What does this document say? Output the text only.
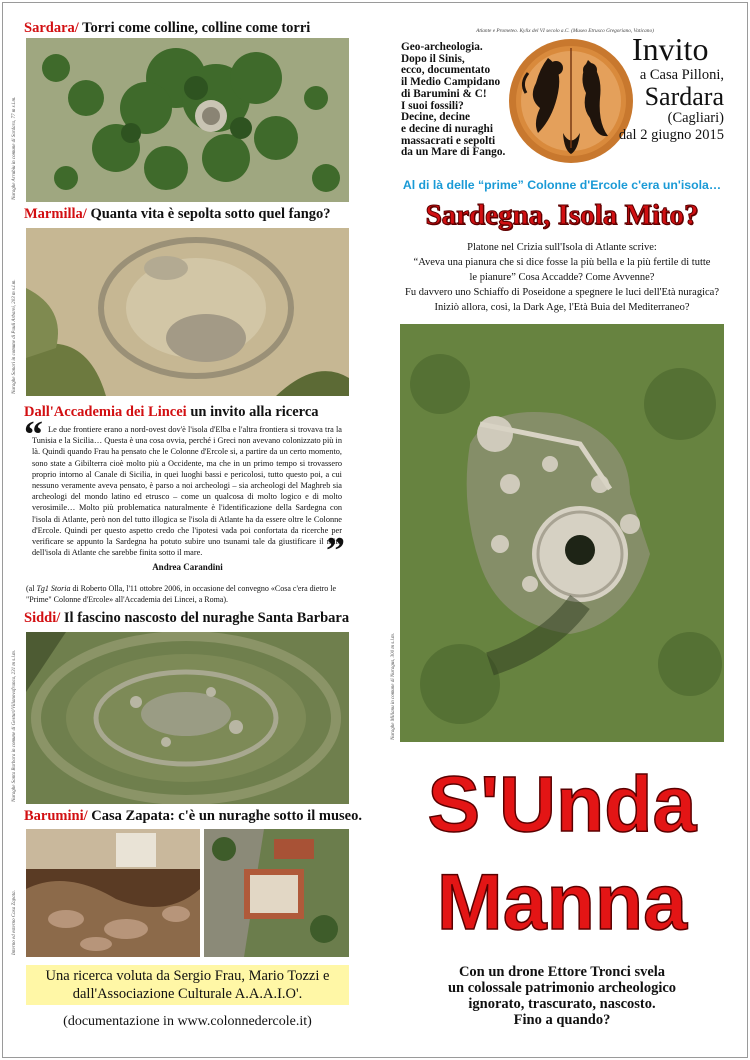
Sardara/ Torri come colline, colline come torri
Nuraghe Arrubiu in comune di Sardara, 77 m s.l.m.
Marmilla/ Quanta vita è sepolta sotto quel fango?
Nuraghe Sanari in comune di Pauli Arbarei, 203 m s.l.m.
Dall'Accademia dei Lincei un invito alla ricerca
“ Le due frontiere erano a nord-ovest dov'è l'isola d'Elba e l'altra frontiera si trovava tra la Tunisia e la Sicilia… Questa è una cosa ovvia, perché i Greci non avevano colonizzato più in là. Quindi quando Frau ha pensato che le Colonne d'Ercole si, a partire da un certo momento, sono state a Gibilterra cioè molto più a Occidente, ma che in un primo tempo si trovassero proprio intorno al Canale di Sicilia, in quei luoghi bassi e pericolosi, tutto questo poi, a cui nessuno veramente aveva pensato, è parso a noi archeologi – sia archeologi del Maghreb sia archeologi del mondo latino ed etrusco – come un qualcosa di molto logico e di molto verosimile… Molto più problematica naturalmente è l'identificazione della Sardegna con l'isola di Atlante, però non del tutto illogica se l'isola di Atlante ha da essere oltre le Colonne d'Ercole. Quindi per questo aspetto credo che l'ipotesi vada poi confortata da ricerche per verificare se appunto la Sardegna ha potuto subire uno tsunami tale da giustificare il mito dell'isola di Atlante che sarebbe finita sotto il mare.	”
Andrea Carandini
(al Tg1 Storia di Roberto Olla, l'11 ottobre 2006, in occasione del convegno «Cosa c'era dietro le "Prime" Colonne d'Ercole» all'Accademia dei Lincei, a Roma).
Siddi/ Il fascino nascosto del nuraghe Santa Barbara
Nuraghe Santa Barbara in comune di Gesturi/Villanovafranca, 231 m s.l.m.
Barumini/ Casa Zapata: c'è un nuraghe sotto il museo.
Interno ed esterno Casa Zapata.
Una ricerca voluta da Sergio Frau, Mario Tozzi e dall'Associazione Culturale A.A.A.I.O'.
(documentazione in www.colonnedercole.it)
Atlante e Prometeo. Kylix del VI secolo a.C. (Museo Etrusco Gregoriano, Vaticano)
Geo-archeologia.
Dopo il Sinis,
ecco, documentato
il Medio Campidano
di Barumini & C!
I suoi fossili?
Decine, decine
e decine di nuraghi
massacrati e sepolti
da un Mare di Fango.
Invito
a Casa Pilloni,
Sardara
(Cagliari)
dal 2 giugno 2015
Al di là delle “prime” Colonne d'Ercole c'era un'isola…
Sardegna, Isola Mito?
Platone nel Crizia sull'Isola di Atlante scrive:
“Aveva una pianura che si dice fosse la più bella e la più fertile di tutte
le pianure” Cosa Accadde? Come Avvenne?
Fu davvero uno Schiaffo di Poseidone a spegnere le luci dell'Età nuragica?
Iniziò allora, così, la Dark Age, l'Età Buia del Mediterraneo?
Nuraghe Millanu in comune di Nuragus, 300 m s.l.m.
S'Unda
Manna
Con un drone Ettore Tronci svela
un colossale patrimonio archeologico
ignorato, trascurato, nascosto.
Fino a quando?
